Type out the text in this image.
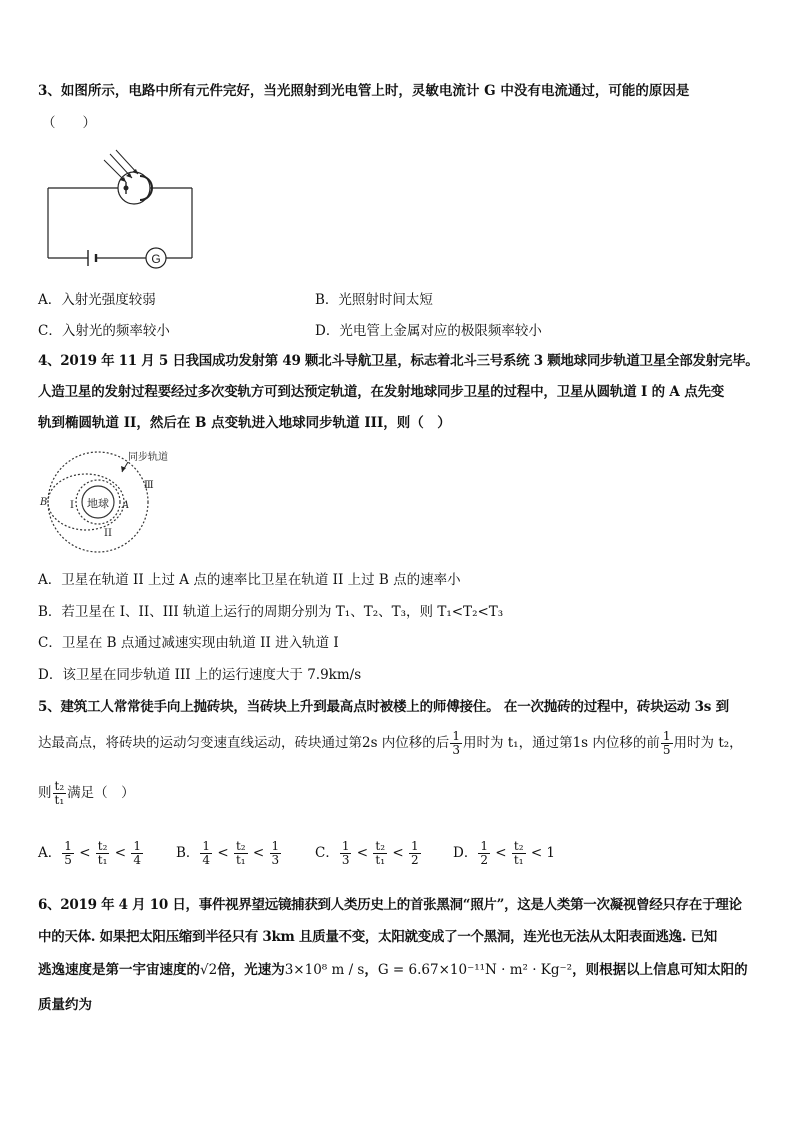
3、如图所示，电路中所有元件完好，当光照射到光电管上时，灵敏电流计 G 中没有电流通过，可能的原因是
（　　）
G
A．入射光强度较弱	B．光照射时间太短
C．入射光的频率较小	D．光电管上金属对应的极限频率较小
4、2019 年 11 月 5 日我国成功发射第 49 颗北斗导航卫星，标志着北斗三号系统 3 颗地球同步轨道卫星全部发射完毕。
人造卫星的发射过程要经过多次变轨方可到达预定轨道，在发射地球同步卫星的过程中，卫星从圆轨道 I 的 A 点先变
轨到椭圆轨道 II，然后在 B 点变轨进入地球同步轨道 III，则（　）
地球
B	A
I
II
Ⅲ
同步轨道
A．卫星在轨道 II 上过 A 点的速率比卫星在轨道 II 上过 B 点的速率小
B．若卫星在 I、II、III 轨道上运行的周期分别为 T₁、T₂、T₃，则 T₁<T₂<T₃
C．卫星在 B 点通过减速实现由轨道 II 进入轨道 I
D．该卫星在同步轨道 III 上的运行速度大于 7.9km/s
5、建筑工人常常徒手向上抛砖块，当砖块上升到最高点时被楼上的师傅接住。 在一次抛砖的过程中，砖块运动 3s 到
达最高点，将砖块的运动匀变速直线运动，砖块通过第2s 内位移的后 $\frac{1}{3}$ 用时为 t₁，通过第1s 内位移的前 $\frac{1}{5}$ 用时为 t₂，
则 $\frac{\text{t₂}}{\text{t₁}}$ 满足（　）
A． $\frac{1}{5} < \frac{\text{t₂}}{\text{t₁}} < \frac{1}{4}$ B． $\frac{1}{4} < \frac{\text{t₂}}{\text{t₁}} < \frac{1}{3}$	C． $\frac{1}{3} < \frac{\text{t₂}}{\text{t₁}} < \frac{1}{2}$ D． $\frac{1}{2} < \frac{\text{t₂}}{\text{t₁}} < 1$
6、2019 年 4 月 10 日，事件视界望远镜捕获到人类历史上的首张黑洞“照片”，这是人类第一次凝视曾经只存在于理论
中的天体. 如果把太阳压缩到半径只有 3km 且质量不变，太阳就变成了一个黑洞，连光也无法从太阳表面逃逸. 已知
逃逸速度是第一宇宙速度的√2倍，光速为3×10⁸ m / s，G = 6.67×10⁻¹¹N · m² · Kg⁻²，则根据以上信息可知太阳的
质量约为
